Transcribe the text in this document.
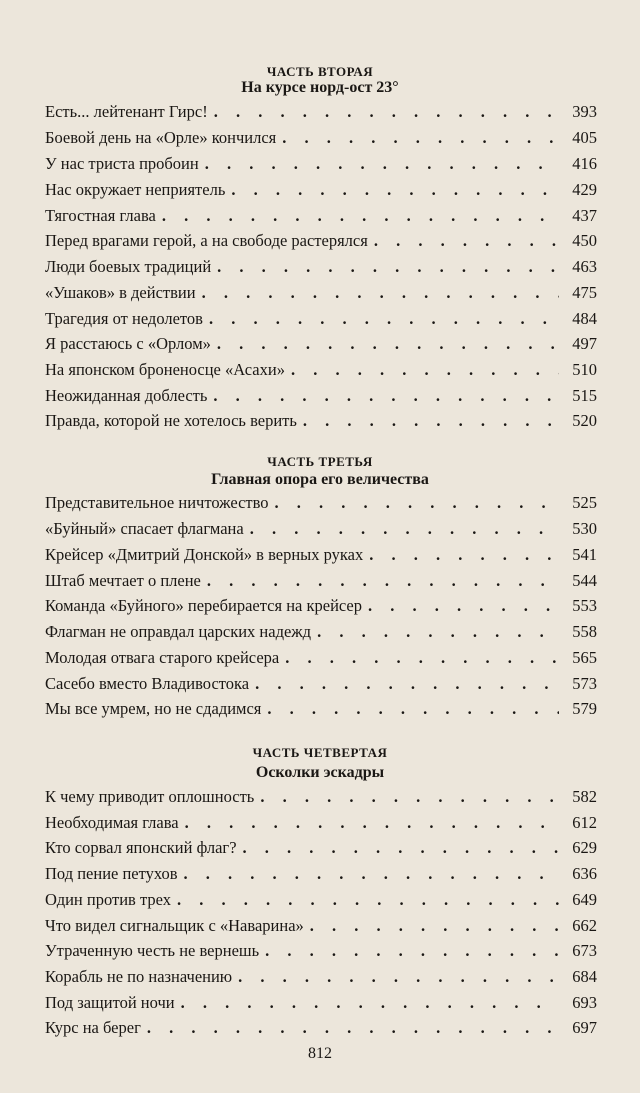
ЧАСТЬ ВТОРАЯ
На курсе норд-ост 23°
Есть... лейтенант Гирс! . . .	393
Боевой день на «Орле» кончился . . .	405
У нас триста пробоин . . .	416
Нас окружает неприятель . . .	429
Тягостная глава . . .	437
Перед врагами герой, а на свободе растерялся . . .	450
Люди боевых традиций . . .	463
«Ушаков» в действии . . .	475
Трагедия от недолетов . . .	484
Я расстаюсь с «Орлом» . . .	497
На японском броненосце «Асахи» . . .	510
Неожиданная доблесть . . .	515
Правда, которой не хотелось верить . . .	520
ЧАСТЬ ТРЕТЬЯ
Главная опора его величества
Представительное ничтожество . . .	525
«Буйный» спасает флагмана . . .	530
Крейсер «Дмитрий Донской» в верных руках . . .	541
Штаб мечтает о плене . . .	544
Команда «Буйного» перебирается на крейсер . . .	553
Флагман не оправдал царских надежд . . .	558
Молодая отвага старого крейсера . . .	565
Сасебо вместо Владивостока . . .	573
Мы все умрем, но не сдадимся . . .	579
ЧАСТЬ ЧЕТВЕРТАЯ
Осколки эскадры
К чему приводит оплошность . . .	582
Необходимая глава . . .	612
Кто сорвал японский флаг? . . .	629
Под пение петухов . . .	636
Один против трех . . .	649
Что видел сигнальщик с «Наварина» . . .	662
Утраченную честь не вернешь . . .	673
Корабль не по назначению . . .	684
Под защитой ночи . . .	693
Курс на берег . . .	697
812
